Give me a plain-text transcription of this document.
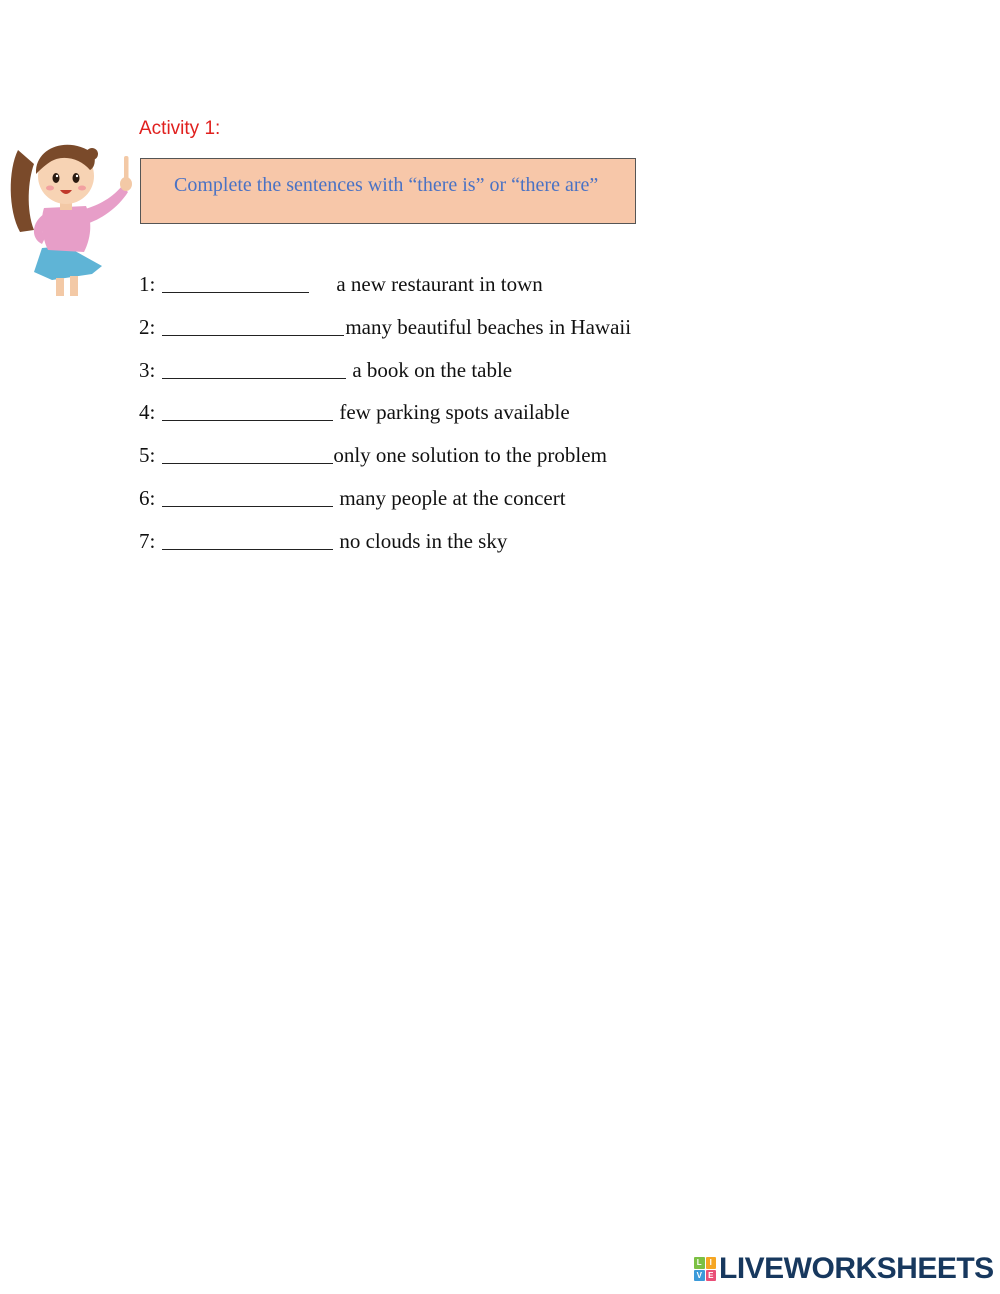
Activity 1:
Complete the sentences with “there is” or “there are”
1:	a new restaurant in town
2:	many beautiful beaches in Hawaii
3:	a book on the table
4:	few parking spots available
5:	only one solution to the problem
6:	many people at the concert
7:	no clouds in the sky
L I
V E LIVEWORKSHEETS
